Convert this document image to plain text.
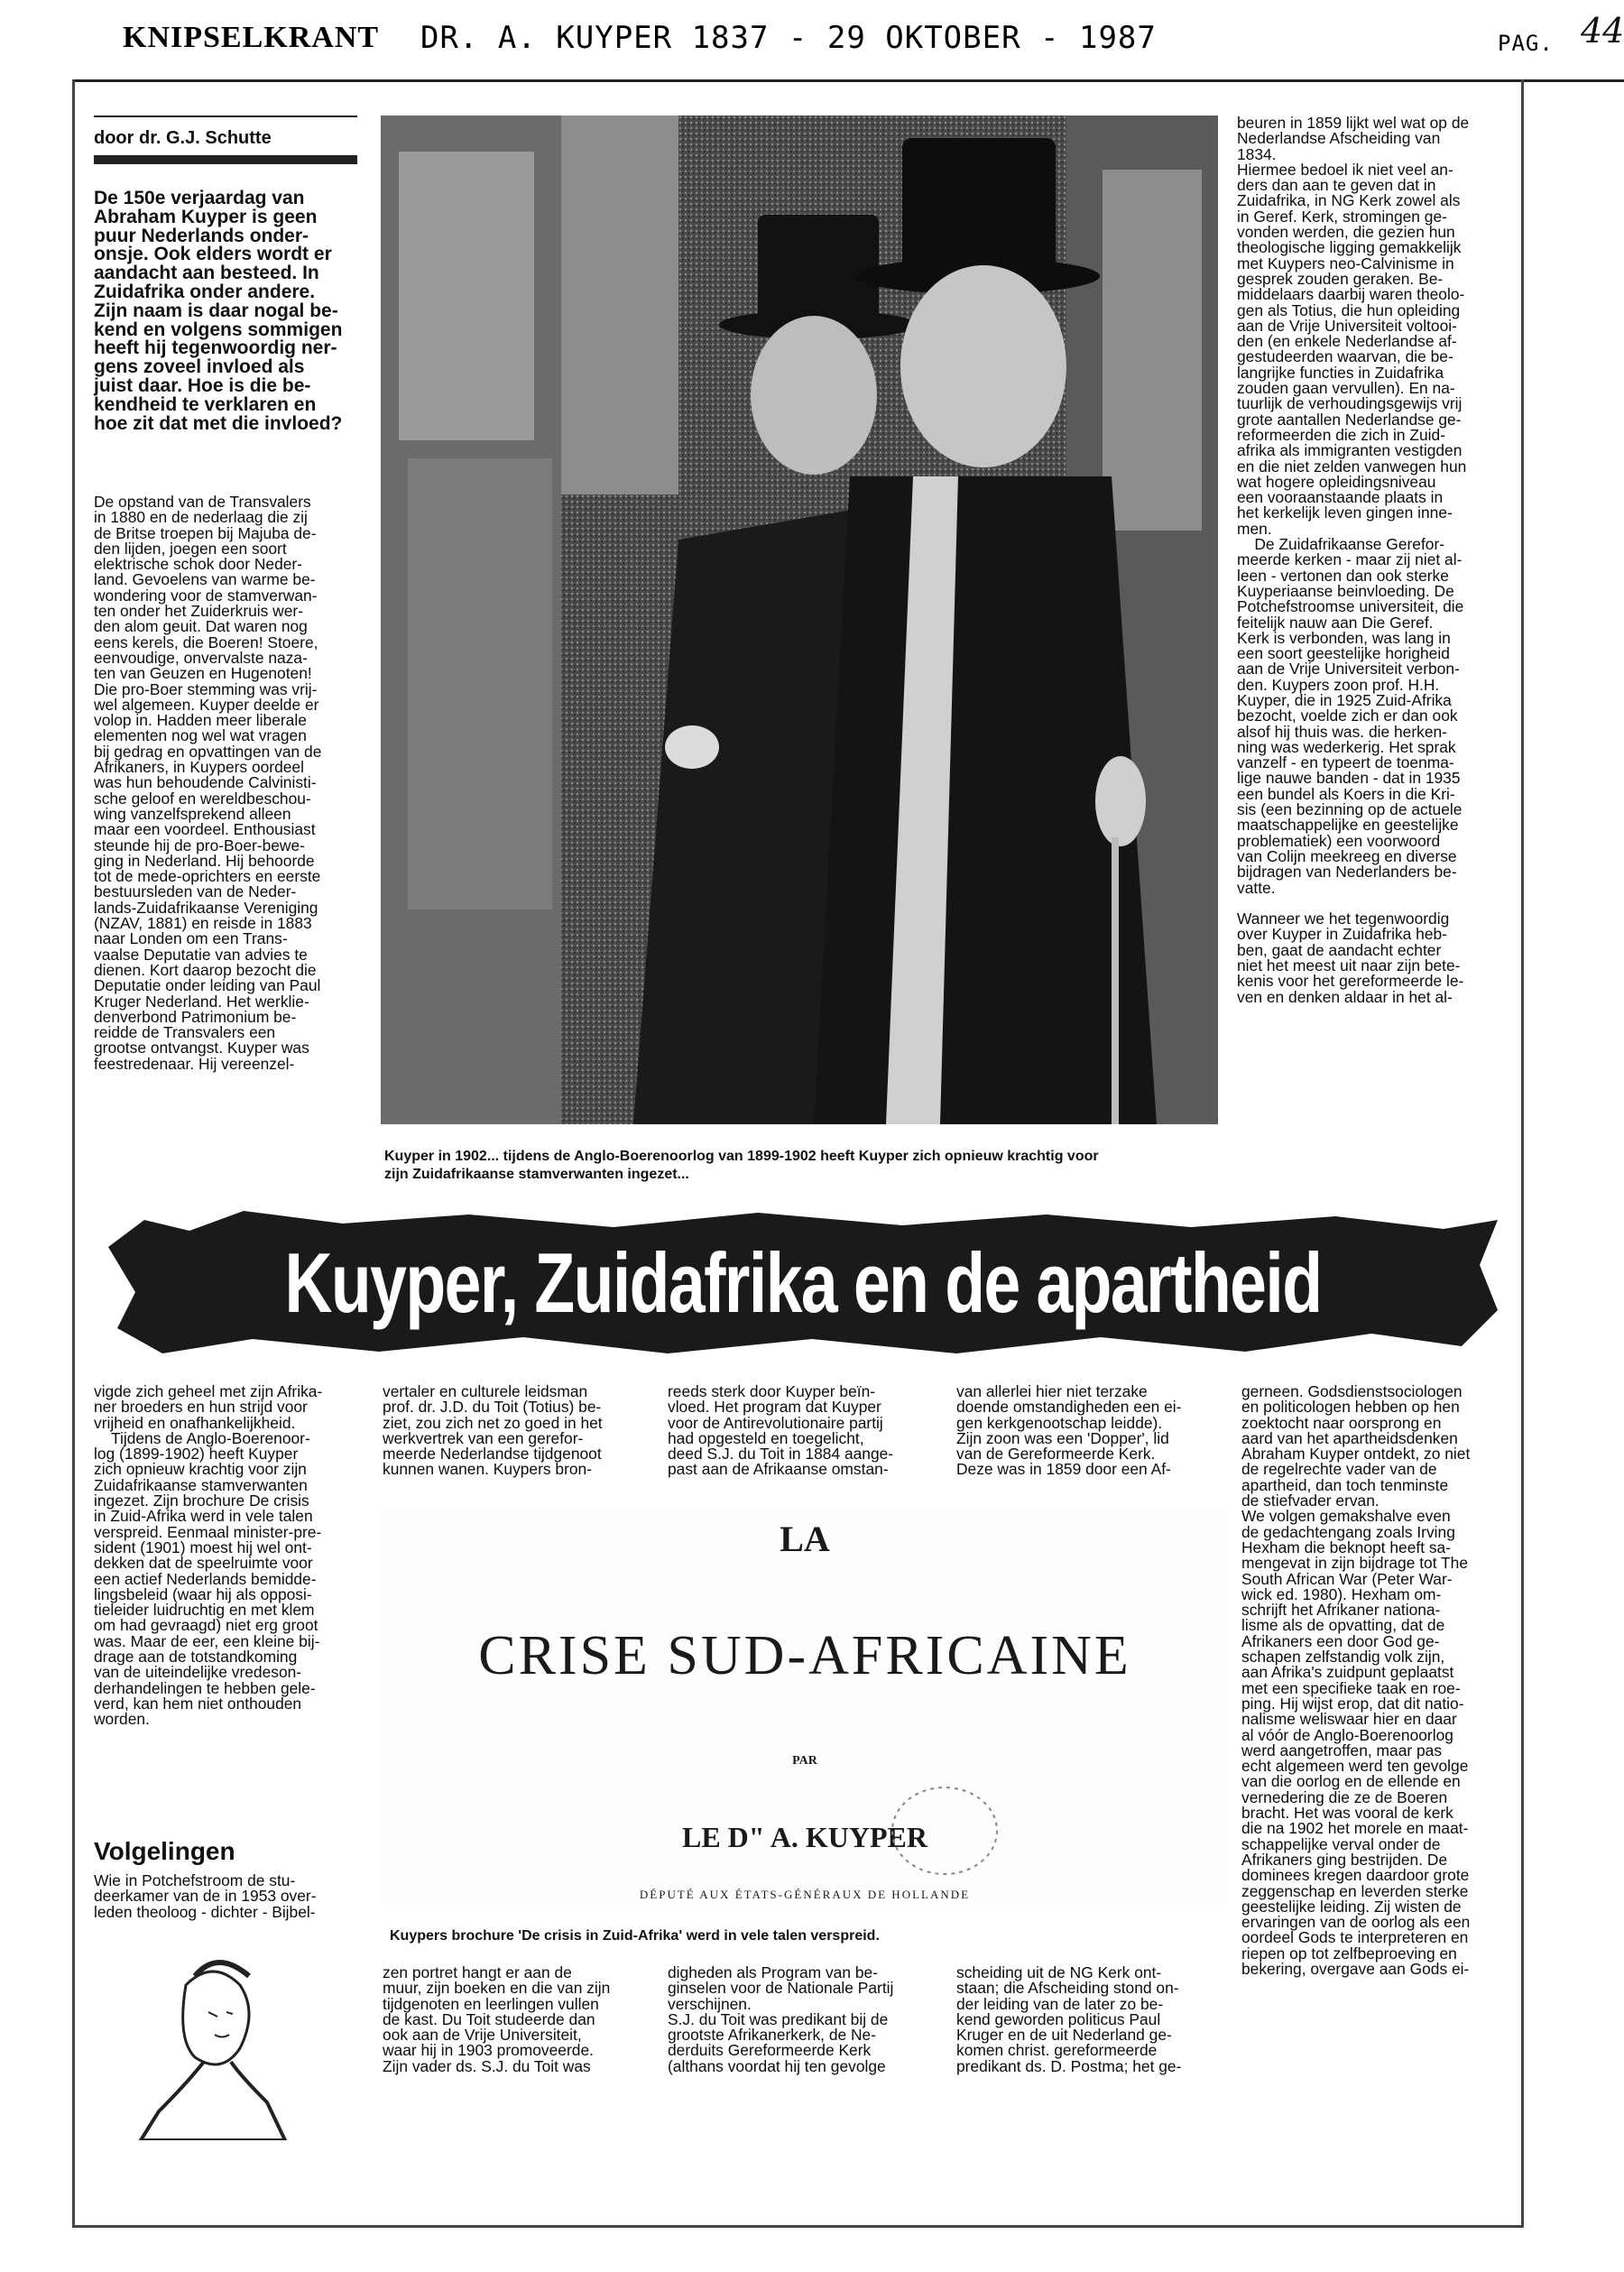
KNIPSELKRANT DR. A. KUYPER 1837 - 29 OKTOBER - 1987	PAG. 44
door dr. G.J. Schutte
De 150e verjaardag van
Abraham Kuyper is geen
puur Nederlands onder-
onsje. Ook elders wordt er
aandacht aan besteed. In
Zuidafrika onder andere.
Zijn naam is daar nogal be-
kend en volgens sommigen
heeft hij tegenwoordig ner-
gens zoveel invloed als
juist daar. Hoe is die be-
kendheid te verklaren en
hoe zit dat met die invloed?
De opstand van de Transvalers
in 1880 en de nederlaag die zij
de Britse troepen bij Majuba de-
den lijden, joegen een soort
elektrische schok door Neder-
land. Gevoelens van warme be-
wondering voor de stamverwan-
ten onder het Zuiderkruis wer-
den alom geuit. Dat waren nog
eens kerels, die Boeren! Stoere,
eenvoudige, onvervalste naza-
ten van Geuzen en Hugenoten!
Die pro-Boer stemming was vrij-
wel algemeen. Kuyper deelde er
volop in. Hadden meer liberale
elementen nog wel wat vragen
bij gedrag en opvattingen van de
Afrikaners, in Kuypers oordeel
was hun behoudende Calvinisti-
sche geloof en wereldbeschou-
wing vanzelfsprekend alleen
maar een voordeel. Enthousiast
steunde hij de pro-Boer-bewe-
ging in Nederland. Hij behoorde
tot de mede-oprichters en eerste
bestuursleden van de Neder-
lands-Zuidafrikaanse Vereniging
(NZAV, 1881) en reisde in 1883
naar Londen om een Trans-
vaalse Deputatie van advies te
dienen. Kort daarop bezocht die
Deputatie onder leiding van Paul
Kruger Nederland. Het werklie-
denverbond Patrimonium be-
reidde de Transvalers een
grootse ontvangst. Kuyper was
feestredenaar. Hij vereenzel-
Kuyper in 1902... tijdens de Anglo-Boerenoorlog van 1899-1902 heeft Kuyper zich opnieuw krachtig voor
zijn Zuidafrikaanse stamverwanten ingezet...
beuren in 1859 lijkt wel wat op de
Nederlandse Afscheiding van
1834.
Hiermee bedoel ik niet veel an-
ders dan aan te geven dat in
Zuidafrika, in NG Kerk zowel als
in Geref. Kerk, stromingen ge-
vonden werden, die gezien hun
theologische ligging gemakkelijk
met Kuypers neo-Calvinisme in
gesprek zouden geraken. Be-
middelaars daarbij waren theolo-
gen als Totius, die hun opleiding
aan de Vrije Universiteit voltooi-
den (en enkele Nederlandse af-
gestudeerden waarvan, die be-
langrijke functies in Zuidafrika
zouden gaan vervullen). En na-
tuurlijk de verhoudingsgewijs vrij
grote aantallen Nederlandse ge-
reformeerden die zich in Zuid-
afrika als immigranten vestigden
en die niet zelden vanwegen hun
wat hogere opleidingsniveau
een vooraanstaande plaats in
het kerkelijk leven gingen inne-
men.
De Zuidafrikaanse Gerefor-
meerde kerken - maar zij niet al-
leen - vertonen dan ook sterke
Kuyperiaanse beinvloeding. De
Potchefstroomse universiteit, die
feitelijk nauw aan Die Geref.
Kerk is verbonden, was lang in
een soort geestelijke horigheid
aan de Vrije Universiteit verbon-
den. Kuypers zoon prof. H.H.
Kuyper, die in 1925 Zuid-Afrika
bezocht, voelde zich er dan ook
alsof hij thuis was. die herken-
ning was wederkerig. Het sprak
vanzelf - en typeert de toenma-
lige nauwe banden - dat in 1935
een bundel als Koers in die Kri-
sis (een bezinning op de actuele
maatschappelijke en geestelijke
problematiek) een voorwoord
van Colijn meekreeg en diverse
bijdragen van Nederlanders be-
vatte.

Wanneer we het tegenwoordig
over Kuyper in Zuidafrika heb-
ben, gaat de aandacht echter
niet het meest uit naar zijn bete-
kenis voor het gereformeerde le-
ven en denken aldaar in het al-
Kuyper, Zuidafrika en de apartheid
vigde zich geheel met zijn Afrika-
ner broeders en hun strijd voor
vrijheid en onafhankelijkheid.
Tijdens de Anglo-Boerenoor-
log (1899-1902) heeft Kuyper
zich opnieuw krachtig voor zijn
Zuidafrikaanse stamverwanten
ingezet. Zijn brochure De crisis
in Zuid-Afrika werd in vele talen
verspreid. Eenmaal minister-pre-
sident (1901) moest hij wel ont-
dekken dat de speelruimte voor
een actief Nederlands bemidde-
lingsbeleid (waar hij als opposi-
tieleider luidruchtig en met klem
om had gevraagd) niet erg groot
was. Maar de eer, een kleine bij-
drage aan de totstandkoming
van de uiteindelijke vredeson-
derhandelingen te hebben gele-
verd, kan hem niet onthouden
worden.
Volgelingen
Wie in Potchefstroom de stu-
deerkamer van de in 1953 over-
leden theoloog - dichter - Bijbel-
vertaler en culturele leidsman
prof. dr. J.D. du Toit (Totius) be-
ziet, zou zich net zo goed in het
werkvertrek van een gerefor-
meerde Nederlandse tijdgenoot
kunnen wanen. Kuypers bron-
reeds sterk door Kuyper beïn-
vloed. Het program dat Kuyper
voor de Antirevolutionaire partij
had opgesteld en toegelicht,
deed S.J. du Toit in 1884 aange-
past aan de Afrikaanse omstan-
van allerlei hier niet terzake
doende omstandigheden een ei-
gen kerkgenootschap leidde).
Zijn zoon was een 'Dopper', lid
van de Gereformeerde Kerk.
Deze was in 1859 door een Af-
gerneen. Godsdienstsociologen
en politicologen hebben op hen
zoektocht naar oorsprong en
aard van het apartheidsdenken
Abraham Kuyper ontdekt, zo niet
de regelrechte vader van de
apartheid, dan toch tenminste
de stiefvader ervan.
We volgen gemakshalve even
de gedachtengang zoals Irving
Hexham die beknopt heeft sa-
mengevat in zijn bijdrage tot The
South African War (Peter War-
wick ed. 1980). Hexham om-
schrijft het Afrikaner nationa-
lisme als de opvatting, dat de
Afrikaners een door God ge-
schapen zelfstandig volk zijn,
aan Afrika's zuidpunt geplaatst
met een specifieke taak en roe-
ping. Hij wijst erop, dat dit natio-
nalisme weliswaar hier en daar
al vóór de Anglo-Boerenoorlog
werd aangetroffen, maar pas
echt algemeen werd ten gevolge
van die oorlog en de ellende en
vernedering die ze de Boeren
bracht. Het was vooral de kerk
die na 1902 het morele en maat-
schappelijke verval onder de
Afrikaners ging bestrijden. De
dominees kregen daardoor grote
zeggenschap en leverden sterke
geestelijke leiding. Zij wisten de
ervaringen van de oorlog als een
oordeel Gods te interpreteren en
riepen op tot zelfbeproeving en
bekering, overgave aan Gods ei-
LA
CRISE SUD-AFRICAINE
PAR
LE D" A. KUYPER
DÉPUTÉ AUX ÉTATS-GÉNÉRAUX DE HOLLANDE
Kuypers brochure 'De crisis in Zuid-Afrika' werd in vele talen verspreid.
zen portret hangt er aan de
muur, zijn boeken en die van zijn
tijdgenoten en leerlingen vullen
de kast. Du Toit studeerde dan
ook aan de Vrije Universiteit,
waar hij in 1903 promoveerde.
Zijn vader ds. S.J. du Toit was
digheden als Program van be-
ginselen voor de Nationale Partij
verschijnen.
S.J. du Toit was predikant bij de
grootste Afrikanerkerk, de Ne-
derduits Gereformeerde Kerk
(althans voordat hij ten gevolge
scheiding uit de NG Kerk ont-
staan; die Afscheiding stond on-
der leiding van de later zo be-
kend geworden politicus Paul
Kruger en de uit Nederland ge-
komen christ. gereformeerde
predikant ds. D. Postma; het ge-
